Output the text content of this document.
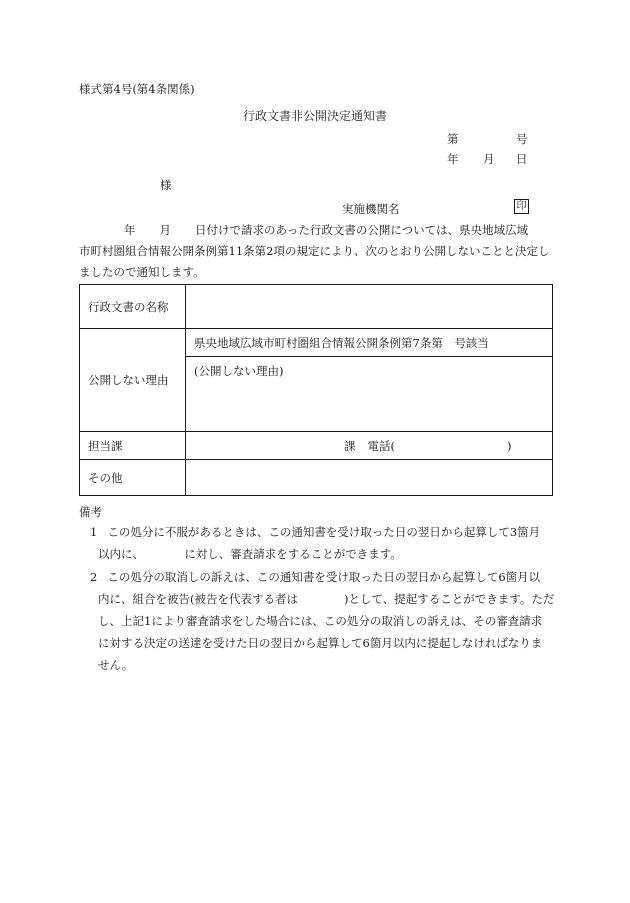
様式第4号(第4条関係)
行政文書非公開決定通知書
第	号
年 月 日
様
実施機関名	印
年 月 日付けで請求のあった行政文書の公開については、県央地域広域
市町村圏組合情報公開条例第11条第2項の規定により、次のとおり公開しないことと決定し
ましたので通知します。
行政文書の名称	
公開しない理由	県央地域広域市町村圏組合情報公開条例第7条第　号該当
	(公開しない理由)
担当課	課 電話( )
その他	
備考
1 この処分に不服があるときは、この通知書を受け取った日の翌日から起算して3箇月
以内に、　　　　に対し、審査請求をすることができます。
2 この処分の取消しの訴えは、この通知書を受け取った日の翌日から起算して6箇月以
内に、組合を被告(被告を代表する者は　　　　)として、提起することができます。ただ
し、上記1により審査請求をした場合には、この処分の取消しの訴えは、その審査請求
に対する決定の送達を受けた日の翌日から起算して6箇月以内に提起しなければなりま
せん。
